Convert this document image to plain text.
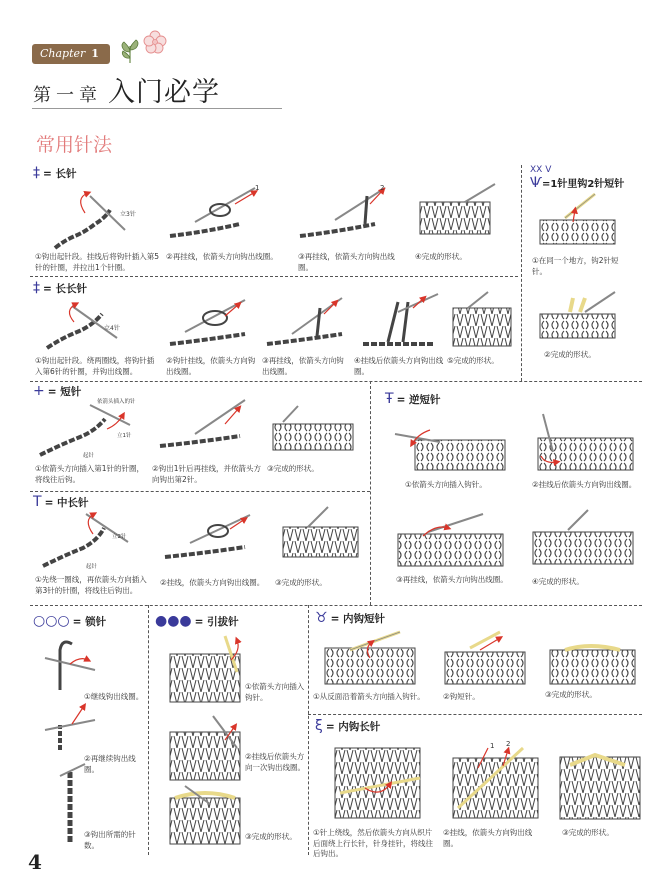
Chapter 1
第一章 入门必学
常用针法
‡ = 长针
立3针
1	2
①钩出起针段。挂线后将钩针插入第5针的针圈，并拉出1个针圈。
②再挂线，依箭头方向钩出线圈。	③再挂线，依箭头方向钩出线圈。
④完成的形状。
‡ = 长长针
立4针
①钩出起针段。绕两圈线，将钩针插入第6针的针圈，并钩出线圈。
②钩针挂线，依箭头方向钩出线圈。
③再挂线，依箭头方向钩出线圈。
④挂线后依箭头方向钩出线圈。
⑤完成的形状。
XX V
Ѱ=1针里钩2针短针
①在同一个地方，钩2针短针。
②完成的形状。
+ = 短针
依箭头插入的针
立1针
起针
①依箭头方向插入第1针的针圈，将线往后钩。
②钩出1针后再挂线，并依箭头方向钩出第2针。
③完成的形状。
T = 中长针
立2针
起针
①先绕一圈线，再依箭头方向插入第3针的针圈，将线往后钩出。
②挂线，依箭头方向钩出线圈。 ③完成的形状。
Ŧ = 逆短针
①依箭头方向插入钩针。	②挂线后依箭头方向钩出线圈。
③再挂线，依箭头方向钩出线圈。	④完成的形状。
○○○ = 锁针
①继线钩出线圈。
②再继续钩出线圈。
③钩出所需的针数。
●●● = 引拔针
①依箭头方向插入钩针。
②挂线后依箭头方向一次钩出线圈。
③完成的形状。
♉ = 内钩短针
①从反面沿着箭头方向插入钩针。	②钩短针。	③完成的形状。
ξ = 内钩长针
1 2
①针上绕线，然后依箭头方向从织片后面绕上行长针，针身挂针，将线往后钩出。
②挂线，依箭头方向钩出线圈。
③完成的形状。
4
